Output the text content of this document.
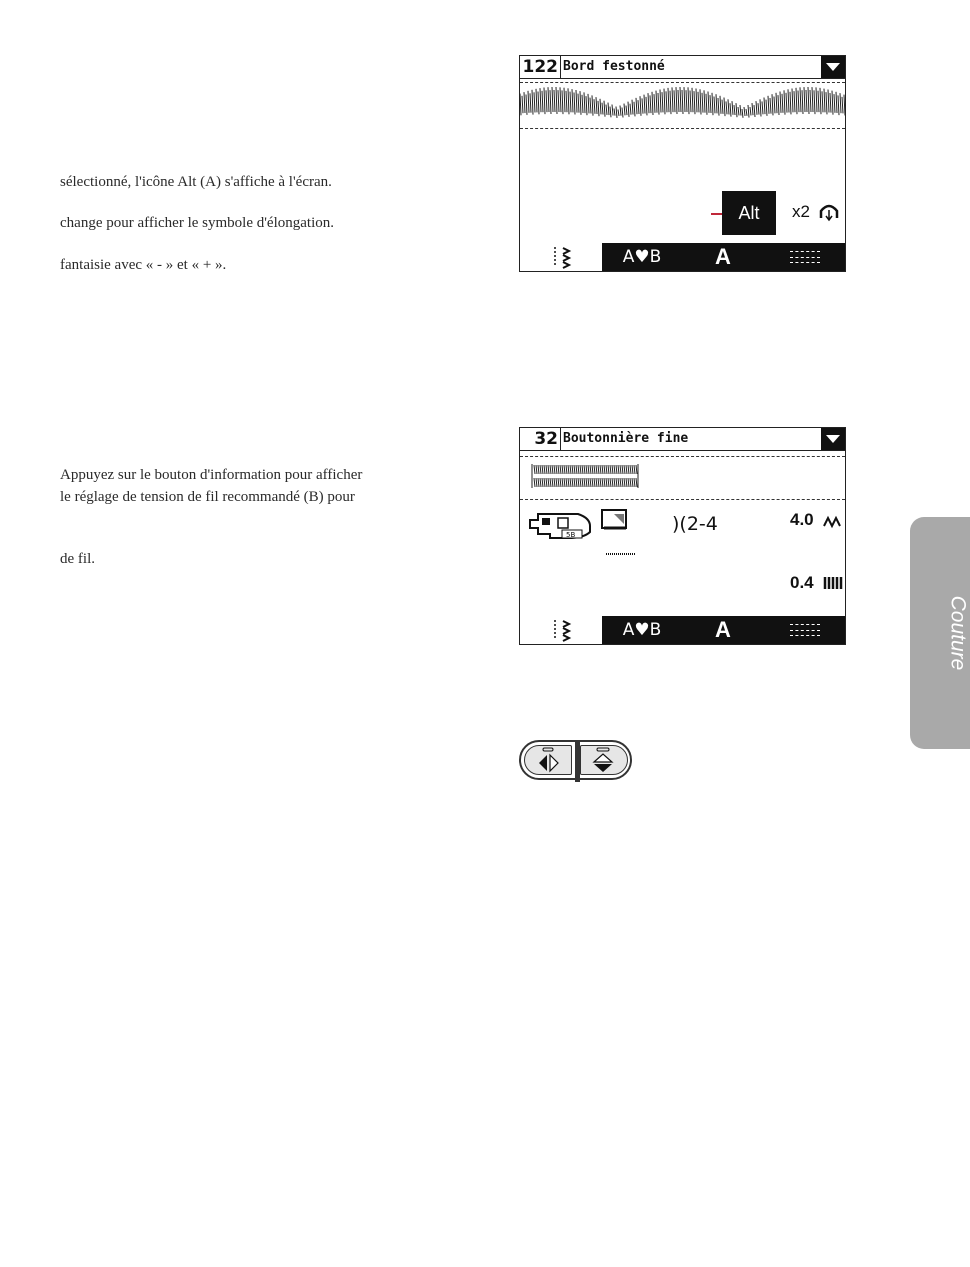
sélectionné, l'icône Alt (A) s'affiche à l'écran.
change pour afficher le symbole d'élongation.
fantaisie avec « - » et « + ».
Appuyez sur le bouton d'information pour afficher
le réglage de tension de fil recommandé (B) pour
de fil.
122 Bord festonné
Alt	x2
A♥B A
32 Boutonnière fine
5B	)(2-4	4.0
0.4
A♥B A	Couture
